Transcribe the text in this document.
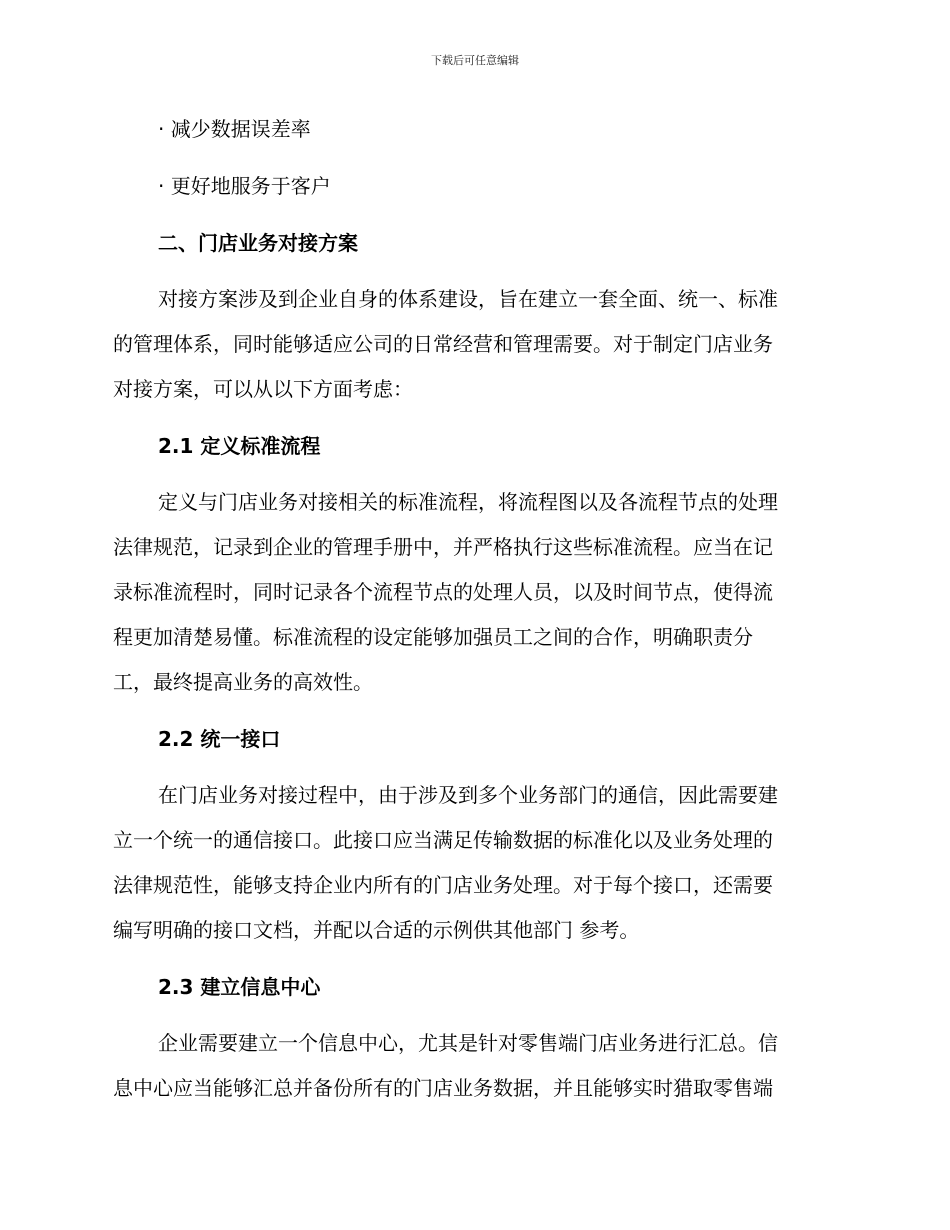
下载后可任意编辑
· 减少数据误差率
· 更好地服务于客户
二、门店业务对接方案
对接方案涉及到企业自身的体系建设，旨在建立一套全面、统一、标准
的管理体系，同时能够适应公司的日常经营和管理需要。对于制定门店业务
对接方案，可以从以下方面考虑：
2.1 定义标准流程
定义与门店业务对接相关的标准流程，将流程图以及各流程节点的处理
法律规范，记录到企业的管理手册中，并严格执行这些标准流程。应当在记
录标准流程时，同时记录各个流程节点的处理人员，以及时间节点，使得流
程更加清楚易懂。标准流程的设定能够加强员工之间的合作，明确职责分
工，最终提高业务的高效性。
2.2 统一接口
在门店业务对接过程中，由于涉及到多个业务部门的通信，因此需要建
立一个统一的通信接口。此接口应当满足传输数据的标准化以及业务处理的
法律规范性，能够支持企业内所有的门店业务处理。对于每个接口，还需要
编写明确的接口文档，并配以合适的示例供其他部门 参考。
2.3 建立信息中心
企业需要建立一个信息中心，尤其是针对零售端门店业务进行汇总。信
息中心应当能够汇总并备份所有的门店业务数据，并且能够实时猎取零售端
